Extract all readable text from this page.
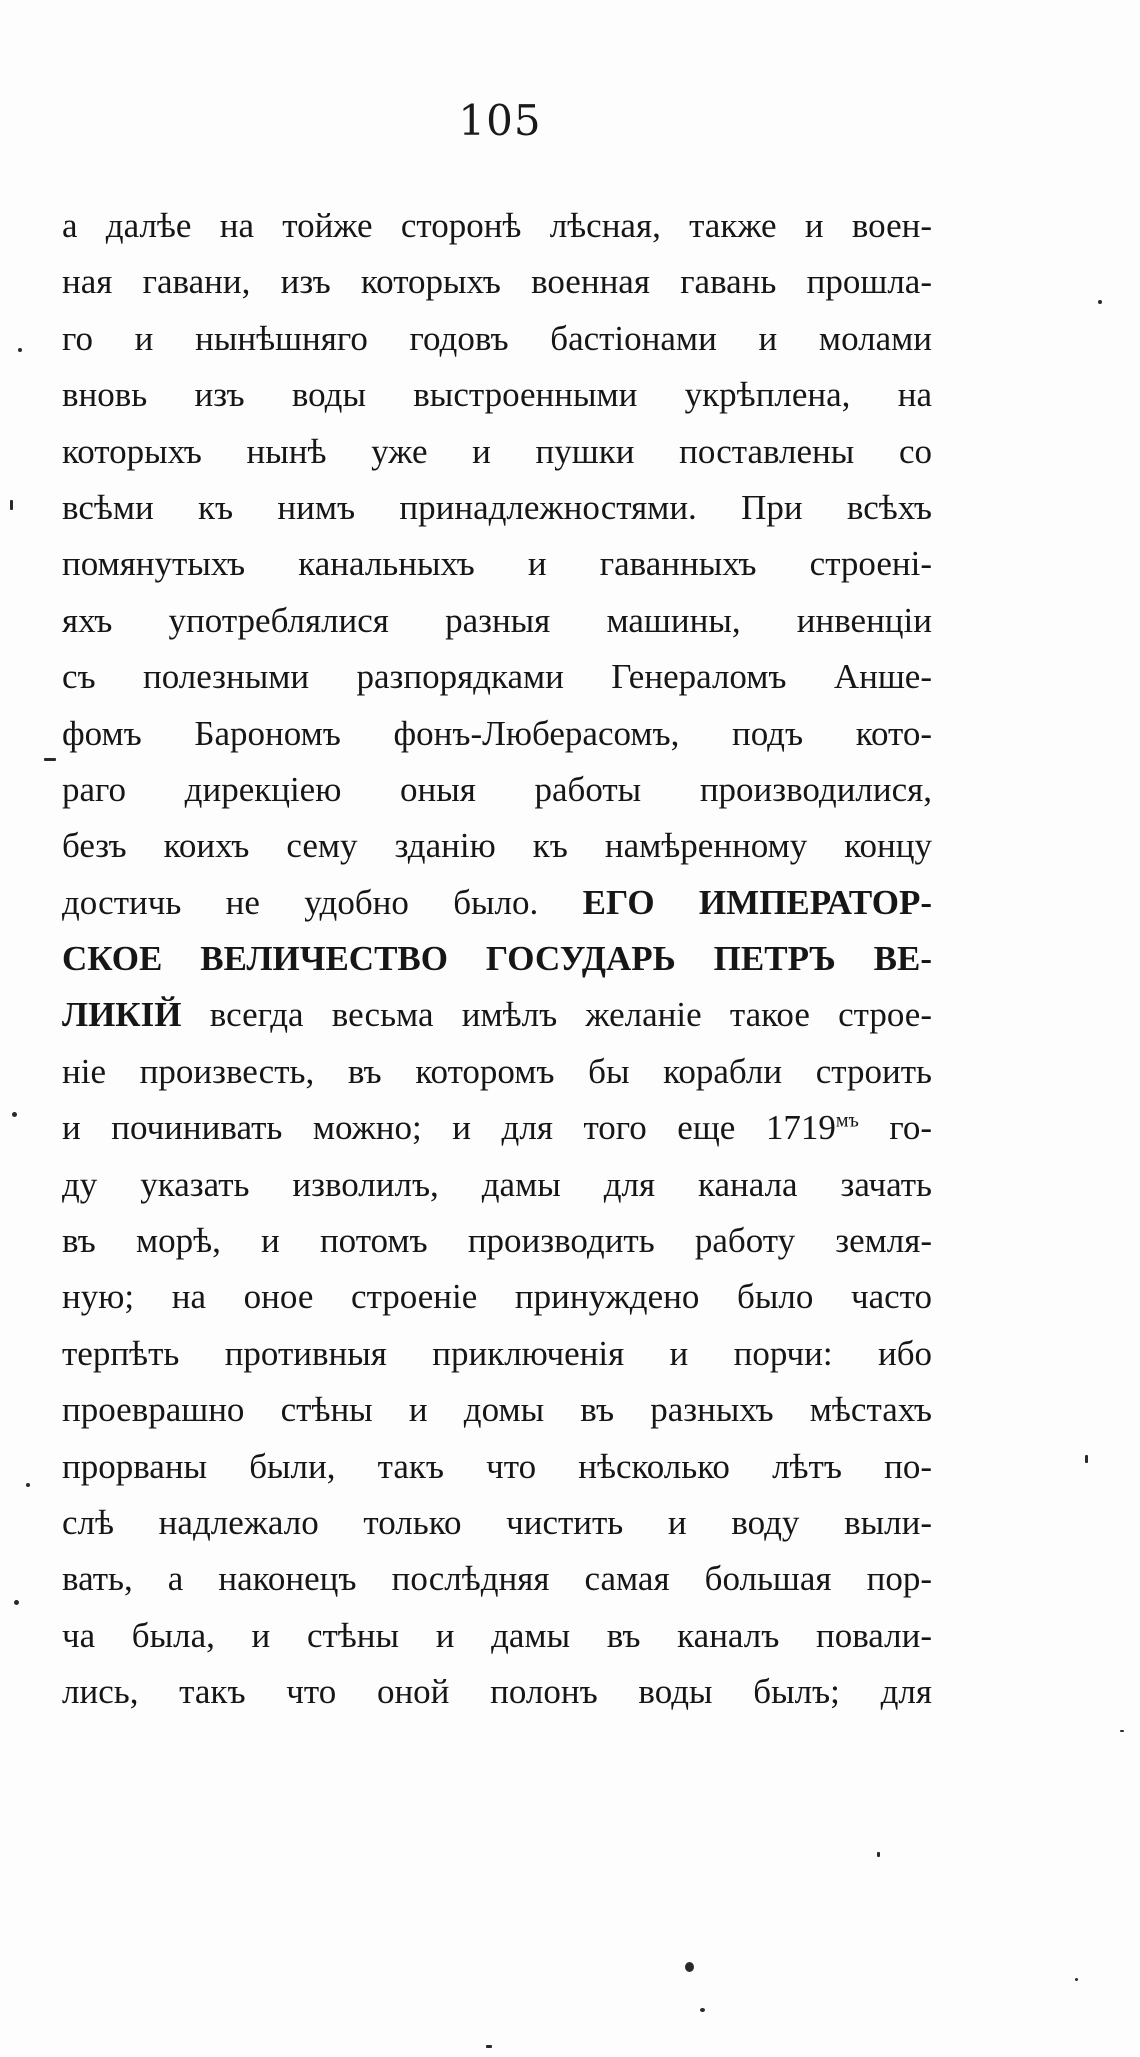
105
а далѣе на тойже сторонѣ лѣсная, также и воен-
ная гавани, изъ которыхъ военная гавань прошла-
го и нынѣшняго годовъ бастіонами и молами
вновь изъ воды выстроенными укрѣплена, на
которыхъ нынѣ уже и пушки поставлены со
всѣми къ нимъ принадлежностями. При всѣхъ
помянутыхъ канальныхъ и гаванныхъ строені-
яхъ употреблялися разныя машины, инвенціи
съ полезными разпорядками Генераломъ Анше-
фомъ Барономъ фонъ-Люберасомъ, подъ кото-
раго дирекціею оныя работы производилися,
безъ коихъ сему зданію къ намѣренному концу
достичь не удобно было. ЕГО ИМПЕРАТОР-
СКОЕ ВЕЛИЧЕСТВО ГОСУДАРЬ ПЕТРЪ ВЕ-
ЛИКІЙ всегда весьма имѣлъ желаніе такое строе-
ніе произвесть, въ которомъ бы корабли строить
и починивать можно; и для того еще $1719^{мъ}$ го-
ду указать изволилъ, дамы для канала зачать
въ морѣ, и потомъ производить работу земля-
ную; на оное строеніе принуждено было часто
терпѣть противныя приключенія и порчи: ибо
проеврашно стѣны и домы въ разныхъ мѣстахъ
прорваны были, такъ что нѣсколько лѣтъ по-
слѣ надлежало только чистить и воду выли-
вать, а наконецъ послѣдняя самая большая пор-
ча была, и стѣны и дамы въ каналъ повали-
лись, такъ что оной полонъ воды былъ; для
